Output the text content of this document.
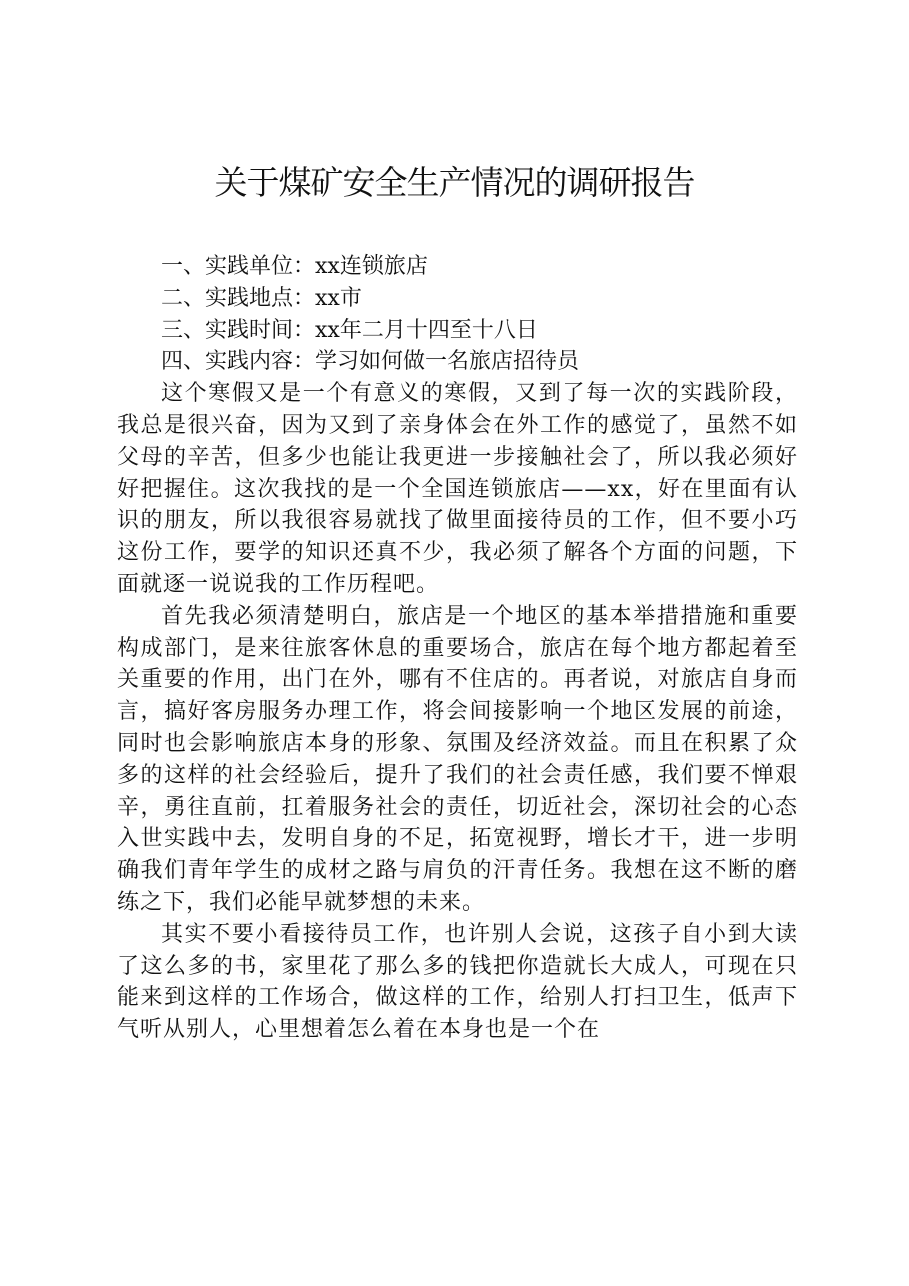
关于煤矿安全生产情况的调研报告

一、实践单位：xx连锁旅店

二、实践地点：xx市

三、实践时间：xx年二月十四至十八日

四、实践内容：学习如何做一名旅店招待员

这个寒假又是一个有意义的寒假，又到了每一次的实践阶段，我总是很兴奋，因为又到了亲身体会在外工作的感觉了，虽然不如父母的辛苦，但多少也能让我更进一步接触社会了，所以我必须好好把握住。这次我找的是一个全国连锁旅店——xx，好在里面有认识的朋友，所以我很容易就找了做里面接待员的工作，但不要小巧这份工作，要学的知识还真不少，我必须了解各个方面的问题，下面就逐一说说我的工作历程吧。

首先我必须清楚明白，旅店是一个地区的基本举措措施和重要构成部门，是来往旅客休息的重要场合，旅店在每个地方都起着至关重要的作用，出门在外，哪有不住店的。再者说，对旅店自身而言，搞好客房服务办理工作，将会间接影响一个地区发展的前途，同时也会影响旅店本身的形象、氛围及经济效益。而且在积累了众多的这样的社会经验后，提升了我们的社会责任感，我们要不惮艰辛，勇往直前，扛着服务社会的责任，切近社会，深切社会的心态入世实践中去，发明自身的不足，拓宽视野，增长才干，进一步明确我们青年学生的成材之路与肩负的汗青任务。我想在这不断的磨练之下，我们必能早就梦想的未来。

其实不要小看接待员工作，也许别人会说，这孩子自小到大读了这么多的书，家里花了那么多的钱把你造就长大成人，可现在只能来到这样的工作场合，做这样的工作，给别人打扫卫生，低声下气听从别人，心里想着怎么着在本身也是一个在
